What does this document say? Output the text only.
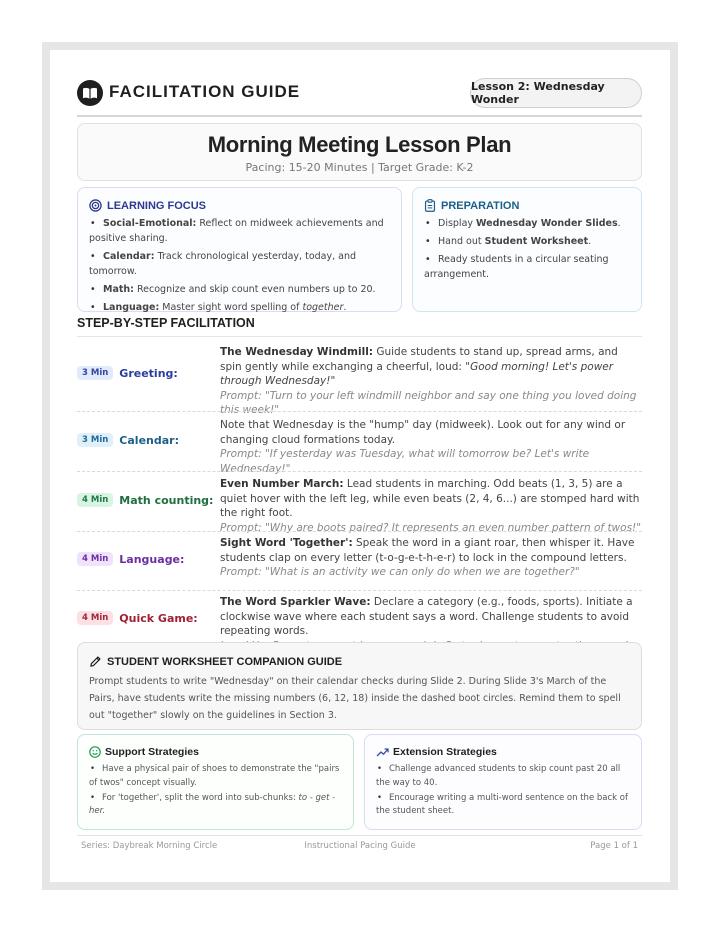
FACILITATION GUIDE	Lesson 2: Wednesday Wonder
Morning Meeting Lesson Plan
Pacing: 15-20 Minutes | Target Grade: K-2
LEARNING FOCUS
• Social-Emotional: Reflect on midweek achievements and positive sharing.
• Calendar: Track chronological yesterday, today, and tomorrow.
• Math: Recognize and skip count even numbers up to 20.
• Language: Master sight word spelling of together.
PREPARATION
• Display Wednesday Wonder Slides.
• Hand out Student Worksheet.
• Ready students in a circular seating arrangement.
STEP-BY-STEP FACILITATION
3 Min	Greeting:
The Wednesday Windmill: Guide students to stand up, spread arms, and spin gently while exchanging a cheerful, loud: "Good morning! Let's power through Wednesday!"
Prompt: "Turn to your left windmill neighbor and say one thing you loved doing this week!"
3 Min	Calendar:
Note that Wednesday is the "hump" day (midweek). Look out for any wind or changing cloud formations today.
Prompt: "If yesterday was Tuesday, what will tomorrow be? Let's write Wednesday!"
4 Min	Math counting:
Even Number March: Lead students in marching. Odd beats (1, 3, 5) are a quiet hover with the left leg, while even beats (2, 4, 6...) are stomped hard with the right foot.
Prompt: "Why are boots paired? It represents an even number pattern of twos!"
4 Min	Language:
Sight Word 'Together': Speak the word in a giant roar, then whisper it. Have students clap on every letter (t-o-g-e-t-h-e-r) to lock in the compound letters.
Prompt: "What is an activity we can only do when we are together?"
4 Min	Quick Game:
The Word Sparkler Wave: Declare a category (e.g., foods, sports). Initiate a clockwise wave where each student says a word. Challenge students to avoid repeating words.

STUDENT WORKSHEET COMPANION GUIDE

Prompt students to write "Wednesday" on their calendar checks during Slide 2. During Slide 3's March of the Pairs, have students write the missing numbers (6, 12, 18) inside the dashed boot circles. Remind them to spell out "together" slowly on the guidelines in Section 3.

Support Strategies
• Have a physical pair of shoes to demonstrate the "pairs of twos" concept visually.
• For 'together', split the word into sub-chunks: to - get - her.
Extension Strategies
• Challenge advanced students to skip count past 20 all the way to 40.
• Encourage writing a multi-word sentence on the back of the student sheet.
Series: Daybreak Morning Circle	Instructional Pacing Guide	Page 1 of 1
